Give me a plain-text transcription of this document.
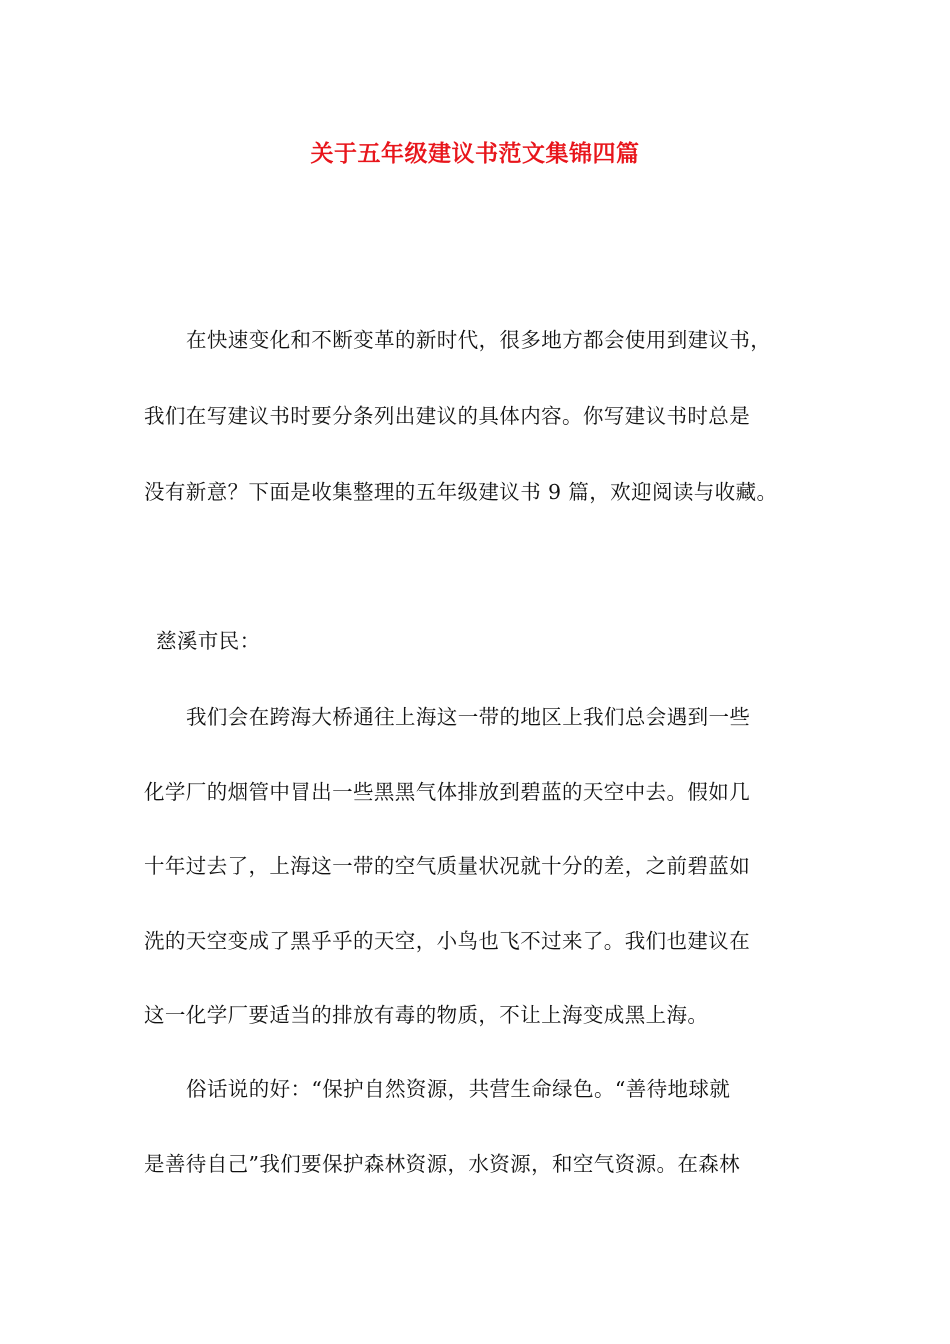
关于五年级建议书范文集锦四篇
在快速变化和不断变革的新时代，很多地方都会使用到建议书，
我们在写建议书时要分条列出建议的具体内容。你写建议书时总是
没有新意？下面是收集整理的五年级建议书 9 篇，欢迎阅读与收藏。
慈溪市民：
我们会在跨海大桥通往上海这一带的地区上我们总会遇到一些
化学厂的烟管中冒出一些黑黑气体排放到碧蓝的天空中去。假如几
十年过去了，上海这一带的空气质量状况就十分的差，之前碧蓝如
洗的天空变成了黑乎乎的天空，小鸟也飞不过来了。我们也建议在
这一化学厂要适当的排放有毒的物质，不让上海变成黑上海。
俗话说的好：“保护自然资源，共营生命绿色。“善待地球就
是善待自己”我们要保护森林资源，水资源，和空气资源。在森林
